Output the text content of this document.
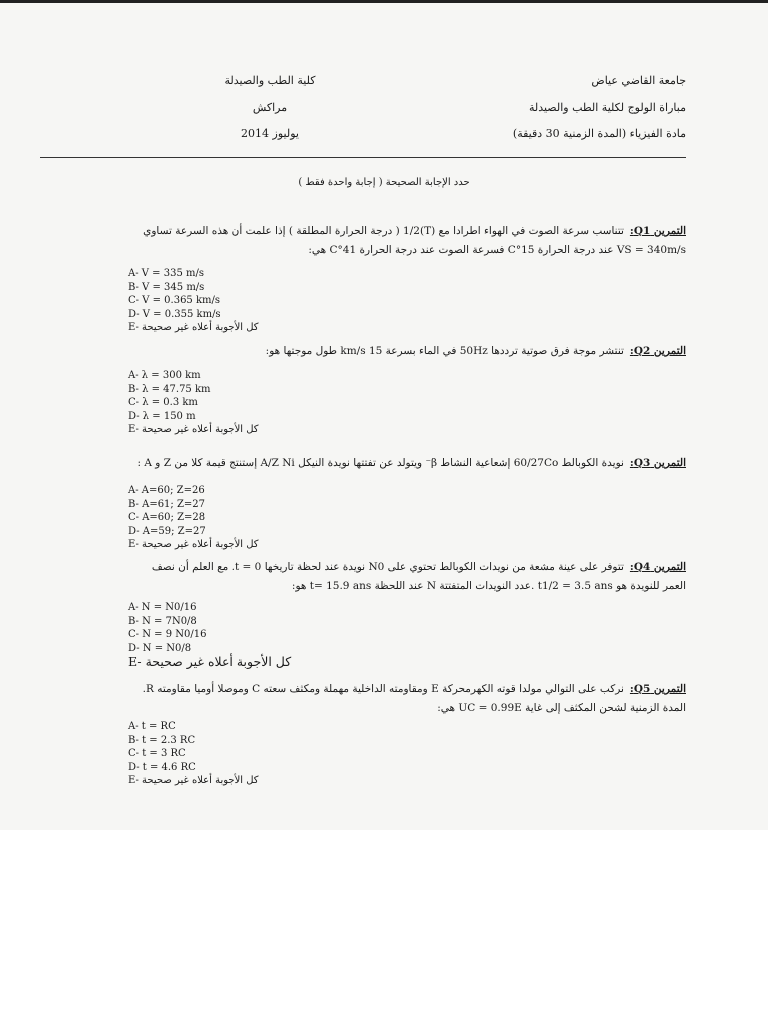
جامعة القاضي عياض
كلية الطب والصيدلة
مباراة الولوج لكلية الطب والصيدلة
مراكش
مادة الفيزياء (المدة الزمنية 30 دقيقة)
يوليوز 2014
حدد الإجابة الصحيحة ( إجابة واحدة فقط )
التمرين Q1:تتناسب سرعة الصوت في الهواء اطرادا مع (T)1/2 ( درجة الحرارة المطلقة ) إذا علمت أن هذه السرعة تساوي
VS = 340m/s عند درجة الحرارة 15°C فسرعة الصوت عند درجة الحرارة 41°C هي:
A- V = 335 m/s
B- V = 345 m/s
C- V = 0.365 km/s
D- V = 0.355 km/s
E- كل الأجوبة أعلاه غير صحيحة
التمرين Q2:تنتشر موجة فرق صوتية ترددها 50Hz في الماء بسرعة 15 km/s طول موجتها هو:
A- λ = 300 km
B- λ = 47.75 km
C- λ = 0.3 km
D- λ = 150 m
E- كل الأجوبة أعلاه غير صحيحة
التمرين Q3:نويدة الكوبالط 60/27Co إشعاعية النشاط β⁻ ويتولد عن تفتتها نويدة النيكل A/Z Ni إستنتج قيمة كلا من Z و A :
A- A=60; Z=26
B- A=61; Z=27
C- A=60; Z=28
D- A=59; Z=27
E- كل الأجوبة أعلاه غير صحيحة
التمرين Q4:تتوفر على عينة مشعة من نويدات الكوبالط تحتوي على N0 نويدة عند لحظة تاريخها t = 0. مع العلم أن نصف
العمر للنويدة هو t1/2 = 3.5 ans .عدد النويدات المتفتتة N عند اللحظة t= 15.9 ans هو:
A- N = N0/16
B- N = 7N0/8
C- N = 9 N0/16
D- N = N0/8
E- كل الأجوبة أعلاه غير صحيحة
التمرين Q5:نركب على التوالي مولدا قوته الكهرمحركة E ومقاومته الداخلية مهملة ومكثف سعته C وموصلا أوميا مقاومته R.
المدة الزمنية لشحن المكثف إلى غاية UC = 0.99E هي:
A- t = RC
B- t = 2.3 RC
C- t = 3 RC
D- t = 4.6 RC
E- كل الأجوبة أعلاه غير صحيحة
